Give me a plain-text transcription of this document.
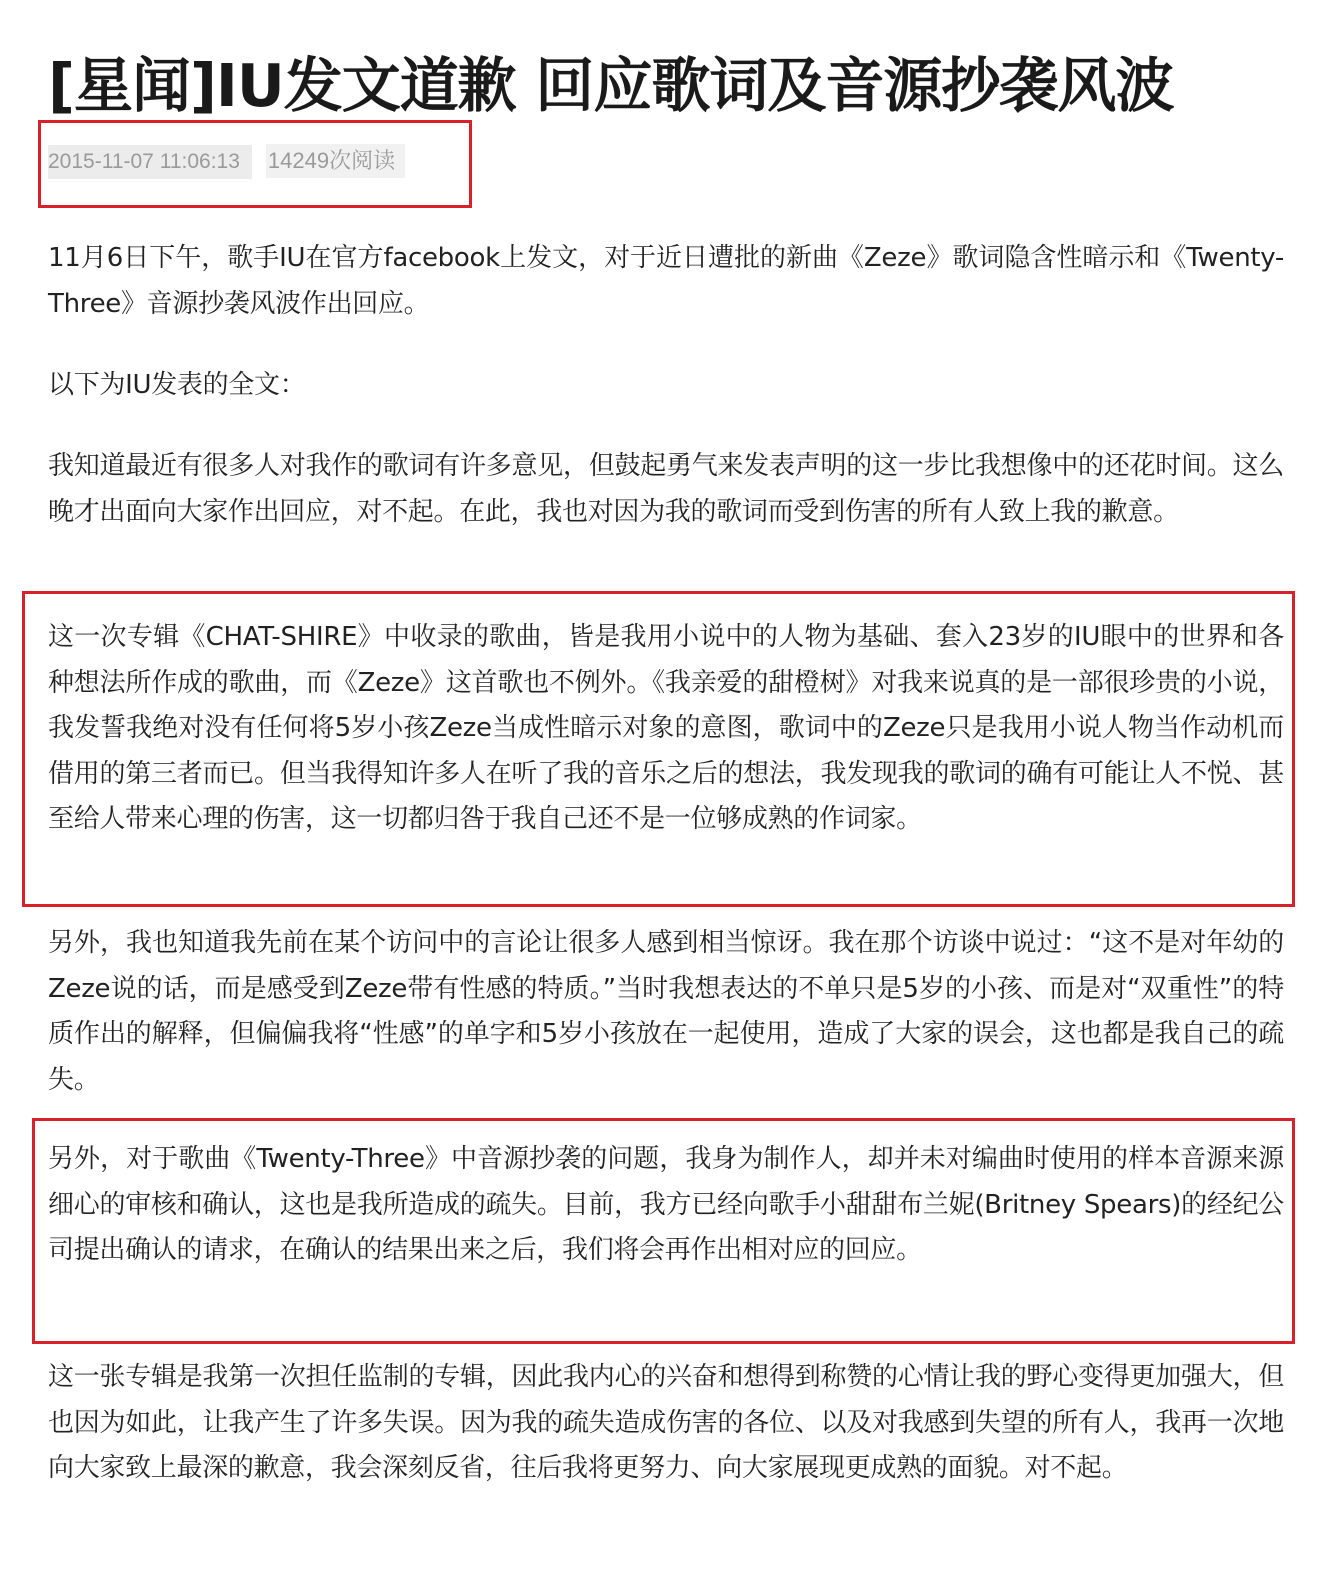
[星闻]IU发文道歉 回应歌词及音源抄袭风波
2015-11-07 11:06:13 14249次阅读

11月6日下午，歌手IU在官方facebook上发文，对于近日遭批的新曲《Zeze》歌词隐含性暗示和《Twenty-Three》音源抄袭风波作出回应。

以下为IU发表的全文：

我知道最近有很多人对我作的歌词有许多意见，但鼓起勇气来发表声明的这一步比我想像中的还花时间。这么晚才出面向大家作出回应，对不起。在此，我也对因为我的歌词而受到伤害的所有人致上我的歉意。

这一次专辑《CHAT-SHIRE》中收录的歌曲，皆是我用小说中的人物为基础、套入23岁的IU眼中的世界和各种想法所作成的歌曲，而《Zeze》这首歌也不例外。《我亲爱的甜橙树》对我来说真的是一部很珍贵的小说，我发誓我绝对没有任何将5岁小孩Zeze当成性暗示对象的意图，歌词中的Zeze只是我用小说人物当作动机而借用的第三者而已。但当我得知许多人在听了我的音乐之后的想法，我发现我的歌词的确有可能让人不悦、甚至给人带来心理的伤害，这一切都归咎于我自己还不是一位够成熟的作词家。

另外，我也知道我先前在某个访问中的言论让很多人感到相当惊讶。我在那个访谈中说过：“这不是对年幼的Zeze说的话，而是感受到Zeze带有性感的特质。”当时我想表达的不单只是5岁的小孩、而是对“双重性”的特质作出的解释，但偏偏我将“性感”的单字和5岁小孩放在一起使用，造成了大家的误会，这也都是我自己的疏失。

另外，对于歌曲《Twenty-Three》中音源抄袭的问题，我身为制作人，却并未对编曲时使用的样本音源来源细心的审核和确认，这也是我所造成的疏失。目前，我方已经向歌手小甜甜布兰妮(Britney Spears)的经纪公司提出确认的请求，在确认的结果出来之后，我们将会再作出相对应的回应。

这一张专辑是我第一次担任监制的专辑，因此我内心的兴奋和想得到称赞的心情让我的野心变得更加强大，但也因为如此，让我产生了许多失误。因为我的疏失造成伤害的各位、以及对我感到失望的所有人，我再一次地向大家致上最深的歉意，我会深刻反省，往后我将更努力、向大家展现更成熟的面貌。对不起。
